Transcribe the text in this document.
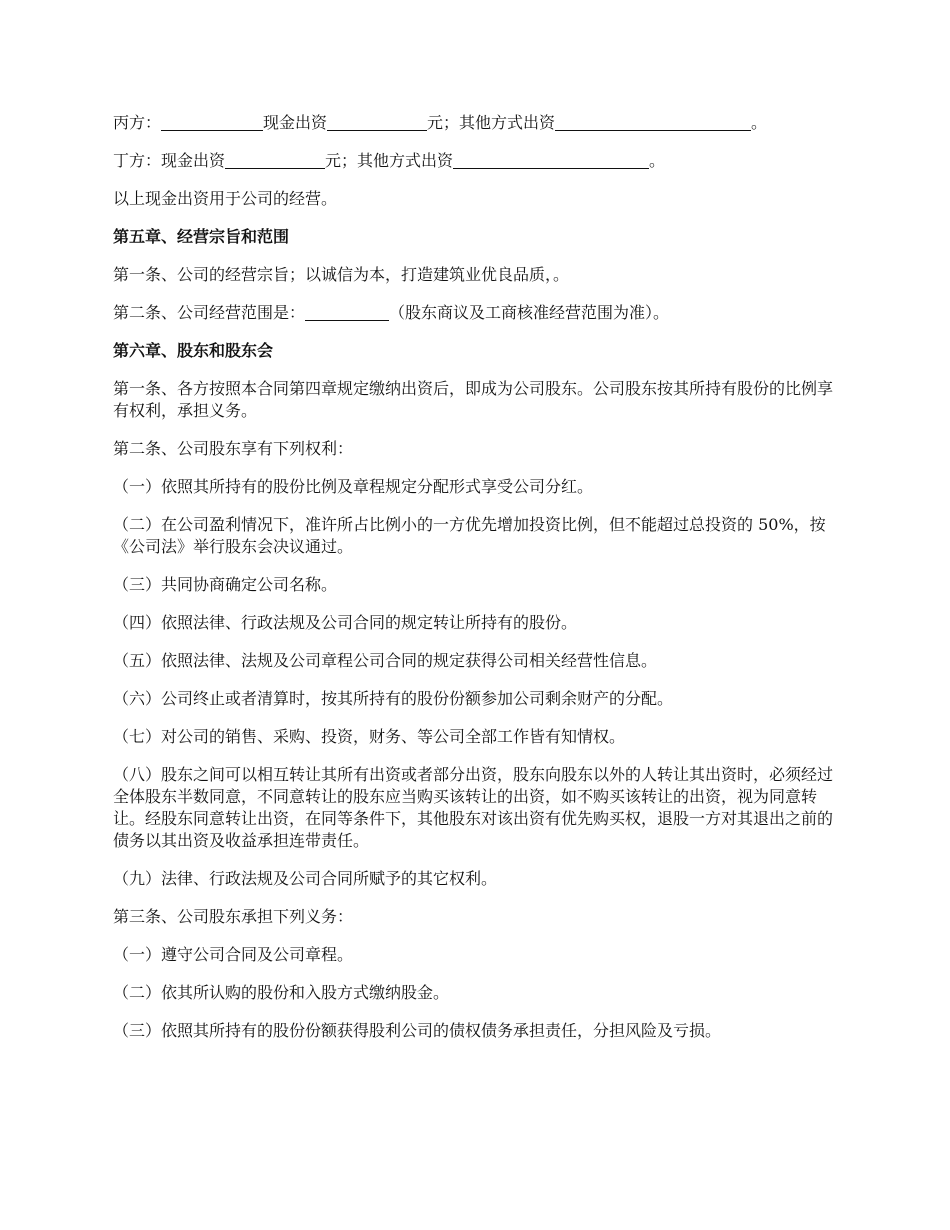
丙方：	现金出资	元；其他方式出资	。

丁方：现金出资	元；其他方式出资	。

以上现金出资用于公司的经营。

第五章、经营宗旨和范围

第一条、公司的经营宗旨；以诚信为本，打造建筑业优良品质，。

第二条、公司经营范围是：	（股东商议及工商核准经营范围为准）。

第六章、股东和股东会

第一条、各方按照本合同第四章规定缴纳出资后，即成为公司股东。公司股东按其所持有股份的比例享有权利，承担义务。

第二条、公司股东享有下列权利：

（一）依照其所持有的股份比例及章程规定分配形式享受公司分红。

（二）在公司盈利情况下，准许所占比例小的一方优先增加投资比例，但不能超过总投资的 50%，按《公司法》举行股东会决议通过。

（三）共同协商确定公司名称。

（四）依照法律、行政法规及公司合同的规定转让所持有的股份。

（五）依照法律、法规及公司章程公司合同的规定获得公司相关经营性信息。

（六）公司终止或者清算时，按其所持有的股份份额参加公司剩余财产的分配。

（七）对公司的销售、采购、投资，财务、等公司全部工作皆有知情权。

（八）股东之间可以相互转让其所有出资或者部分出资，股东向股东以外的人转让其出资时，必须经过全体股东半数同意，不同意转让的股东应当购买该转让的出资，如不购买该转让的出资，视为同意转让。经股东同意转让出资，在同等条件下，其他股东对该出资有优先购买权，退股一方对其退出之前的债务以其出资及收益承担连带责任。

（九）法律、行政法规及公司合同所赋予的其它权利。

第三条、公司股东承担下列义务：

（一）遵守公司合同及公司章程。

（二）依其所认购的股份和入股方式缴纳股金。

（三）依照其所持有的股份份额获得股利公司的债权债务承担责任，分担风险及亏损。
